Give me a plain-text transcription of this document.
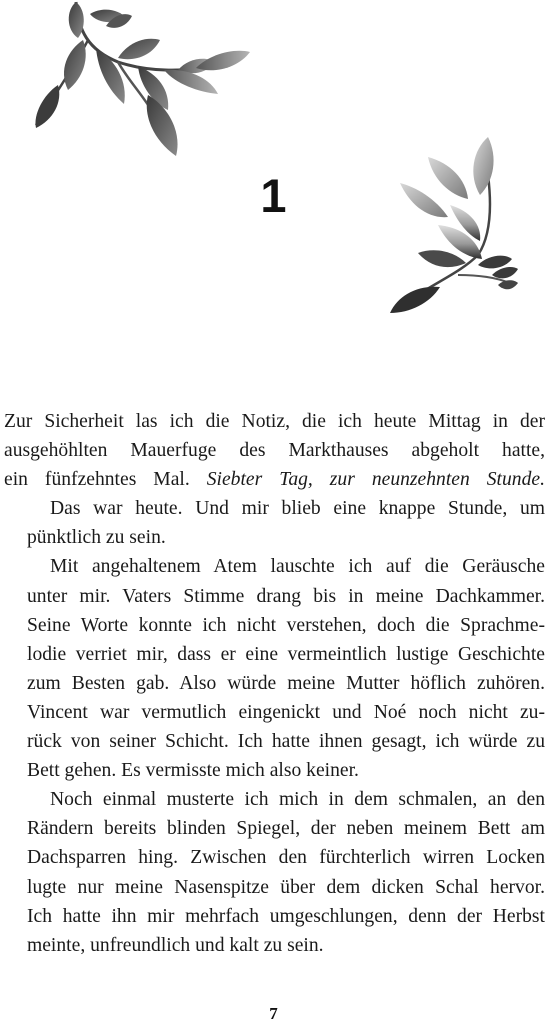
1

Zur Sicherheit las ich die Notiz, die ich heute Mittag in der
ausgehöhlten Mauerfuge des Markthauses abgeholt hatte,
ein fünfzehntes Mal. Siebter Tag, zur neunzehnten Stunde.

Das war heute. Und mir blieb eine knappe Stunde, um
pünktlich zu sein.

Mit angehaltenem Atem lauschte ich auf die Geräusche
unter mir. Vaters Stimme drang bis in meine Dachkammer.
Seine Worte konnte ich nicht verstehen, doch die Sprachme-
lodie verriet mir, dass er eine vermeintlich lustige Geschichte
zum Besten gab. Also würde meine Mutter höflich zuhören.
Vincent war vermutlich eingenickt und Noé noch nicht zu-
rück von seiner Schicht. Ich hatte ihnen gesagt, ich würde zu
Bett gehen. Es vermisste mich also keiner.

Noch einmal musterte ich mich in dem schmalen, an den
Rändern bereits blinden Spiegel, der neben meinem Bett am
Dachsparren hing. Zwischen den fürchterlich wirren Locken
lugte nur meine Nasenspitze über dem dicken Schal hervor.
Ich hatte ihn mir mehrfach umgeschlungen, denn der Herbst
meinte, unfreundlich und kalt zu sein.

7
